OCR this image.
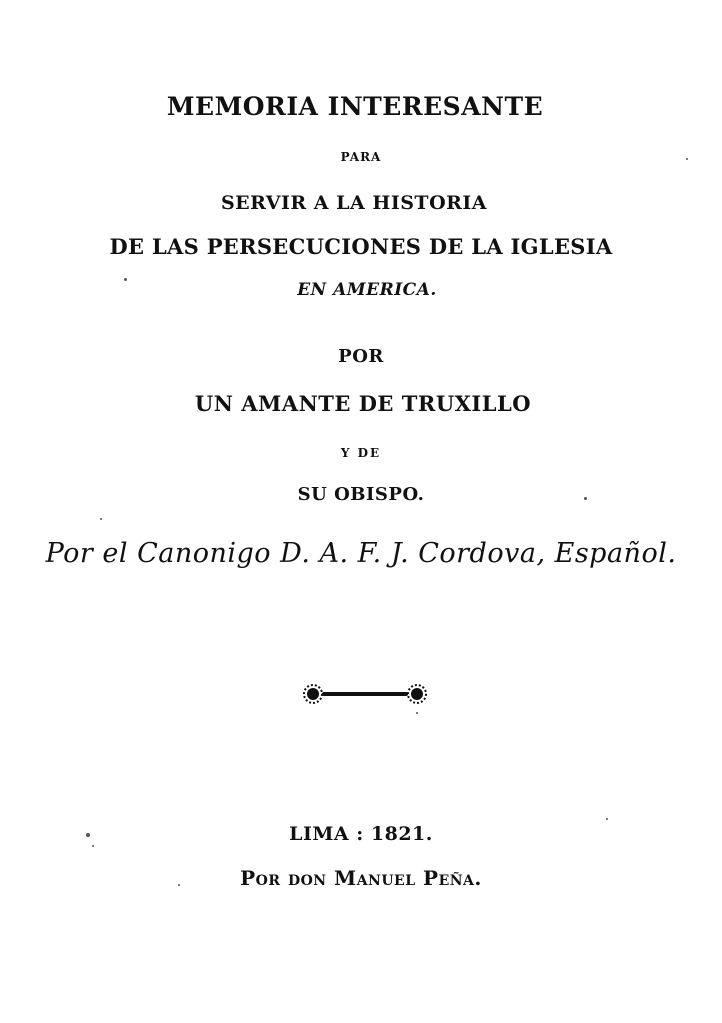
MEMORIA INTERESANTE
PARA
SERVIR A LA HISTORIA
DE LAS PERSECUCIONES DE LA IGLESIA
EN AMERICA.
POR
UN AMANTE DE TRUXILLO
Y DE
SU OBISPO.
Por el Canonigo D. A. F. J. Cordova, Español.
LIMA : 1821.
Por don Manuel Peña.
